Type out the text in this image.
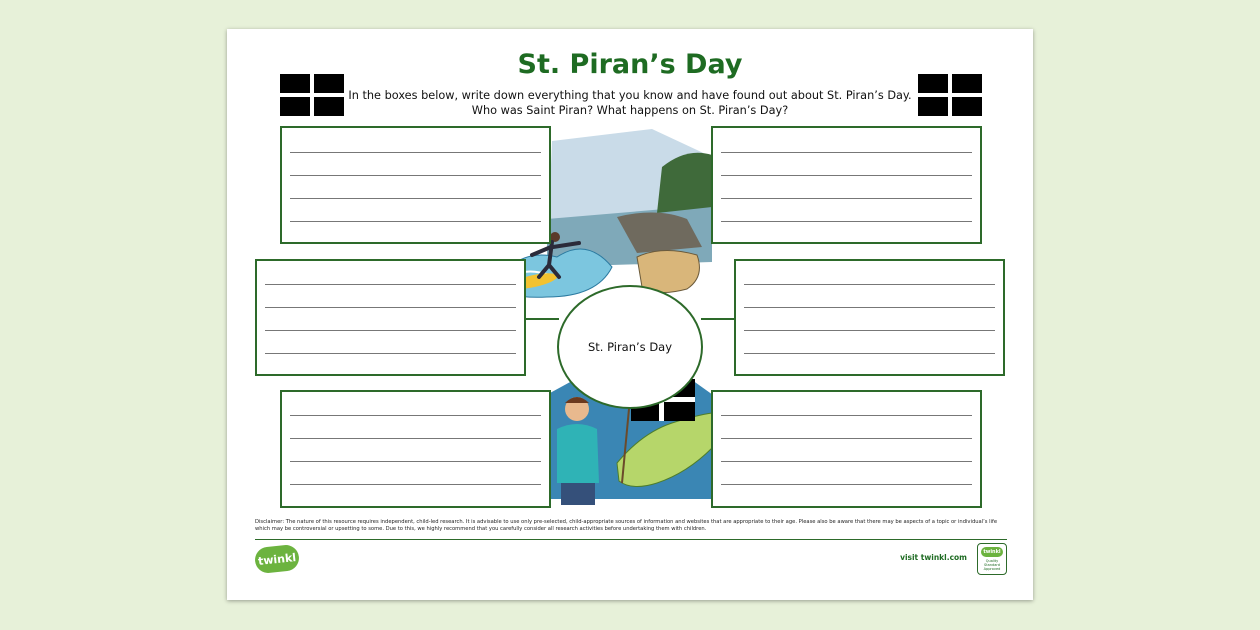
St. Piran’s Day
In the boxes below, write down everything that you know and have found out about St. Piran’s Day.
Who was Saint Piran? What happens on St. Piran’s Day?
St. Piran’s Day
Disclaimer: The nature of this resource requires independent, child-led research. It is advisable to use only pre-selected, child-appropriate sources of information and websites that are appropriate to their age. Please also be aware that there may be aspects of a topic or individual’s life which may be controversial or upsetting to some. Due to this, we highly recommend that you carefully consider all research activities before undertaking them with children.
twinkl	visit twinkl.com
twinkl
Quality Standard Approved
